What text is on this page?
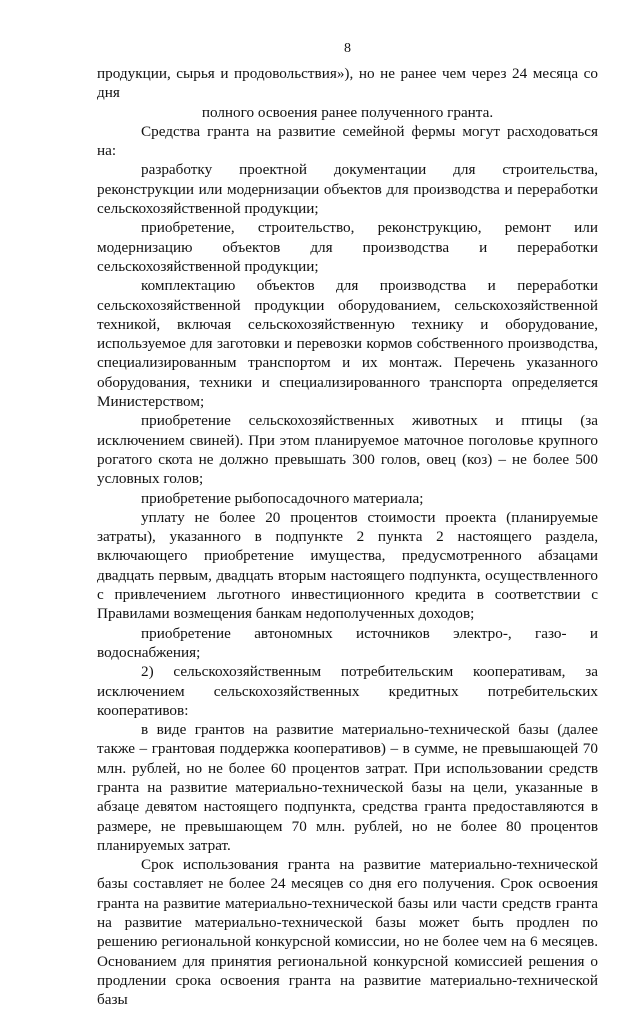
8

продукции, сырья и продовольствия»), но не ранее чем через 24 месяца со дня

полного освоения ранее полученного гранта.

Средства гранта на развитие семейной фермы могут расходоваться на:

разработку проектной документации для строительства, реконструкции или модернизации объектов для производства и переработки сельскохозяйственной продукции;

приобретение, строительство, реконструкцию, ремонт или модернизацию объектов для производства и переработки сельскохозяйственной продукции;

комплектацию объектов для производства и переработки сельскохозяйственной продукции оборудованием, сельскохозяйственной техникой, включая сельскохозяйственную технику и оборудование, используемое для заготовки и перевозки кормов собственного производства, специализированным транспортом и их монтаж. Перечень указанного оборудования, техники и специализированного транспорта определяется Министерством;

приобретение сельскохозяйственных животных и птицы (за исключением свиней). При этом планируемое маточное поголовье крупного рогатого скота не должно превышать 300 голов, овец (коз) – не более 500 условных голов;

приобретение рыбопосадочного материала;

уплату не более 20 процентов стоимости проекта (планируемые затраты), указанного в подпункте 2 пункта 2 настоящего раздела, включающего приобретение имущества, предусмотренного абзацами двадцать первым, двадцать вторым настоящего подпункта, осуществленного с привлечением льготного инвестиционного кредита в соответствии с Правилами возмещения банкам недополученных доходов;

приобретение автономных источников электро-, газо- и водоснабжения;

2) сельскохозяйственным потребительским кооперативам, за исключением сельскохозяйственных кредитных потребительских кооперативов:

в виде грантов на развитие материально-технической базы (далее также – грантовая поддержка кооперативов) – в сумме, не превышающей 70 млн. рублей, но не более 60 процентов затрат. При использовании средств гранта на развитие материально-технической базы на цели, указанные в абзаце девятом настоящего подпункта, средства гранта предоставляются в размере, не превышающем 70 млн. рублей, но не более 80 процентов планируемых затрат.

Срок использования гранта на развитие материально-технической базы составляет не более 24 месяцев со дня его получения. Срок освоения гранта на развитие материально-технической базы или части средств гранта на развитие материально-технической базы может быть продлен по решению региональной конкурсной комиссии, но не более чем на 6 месяцев. Основанием для принятия региональной конкурсной комиссией решения о продлении срока освоения гранта на развитие материально-технической базы
